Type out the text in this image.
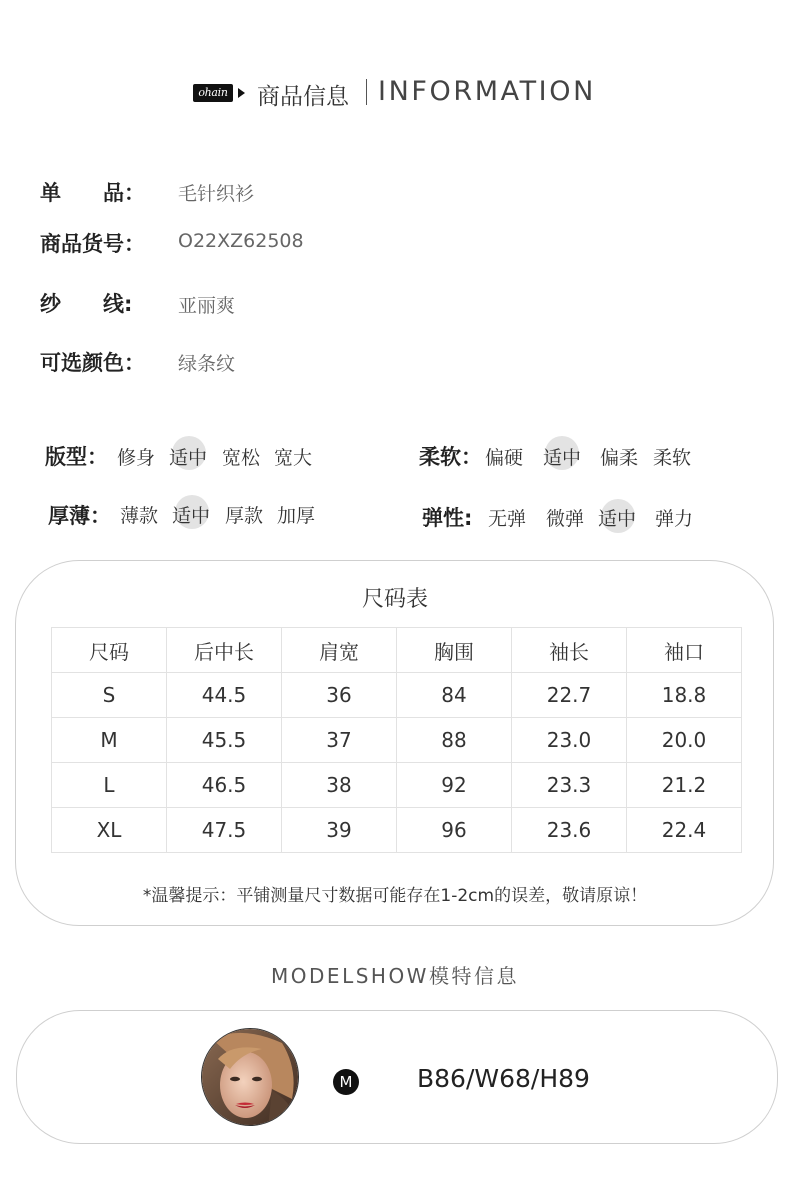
ohain 商品信息 INFORMATION
单　　品： 毛针织衫
商品货号： O22XZ62508
纱　　线: 亚丽爽
可选颜色： 绿条纹
版型： 修身 适中 宽松 宽大	柔软： 偏硬 适中 偏柔 柔软
厚薄： 薄款 适中 厚款 加厚	弹性: 无弹 微弹 适中 弹力
尺码表
尺码	后中长	肩宽	胸围	袖长	袖口
S	44.5	36	84	22.7	18.8
M	45.5	37	88	23.0	20.0
L	46.5	38	92	23.3	21.2
XL	47.5	39	96	23.6	22.4
*温馨提示：平铺测量尺寸数据可能存在1-2cm的误差，敬请原谅！
MODELSHOW模特信息
M	B86/W68/H89
